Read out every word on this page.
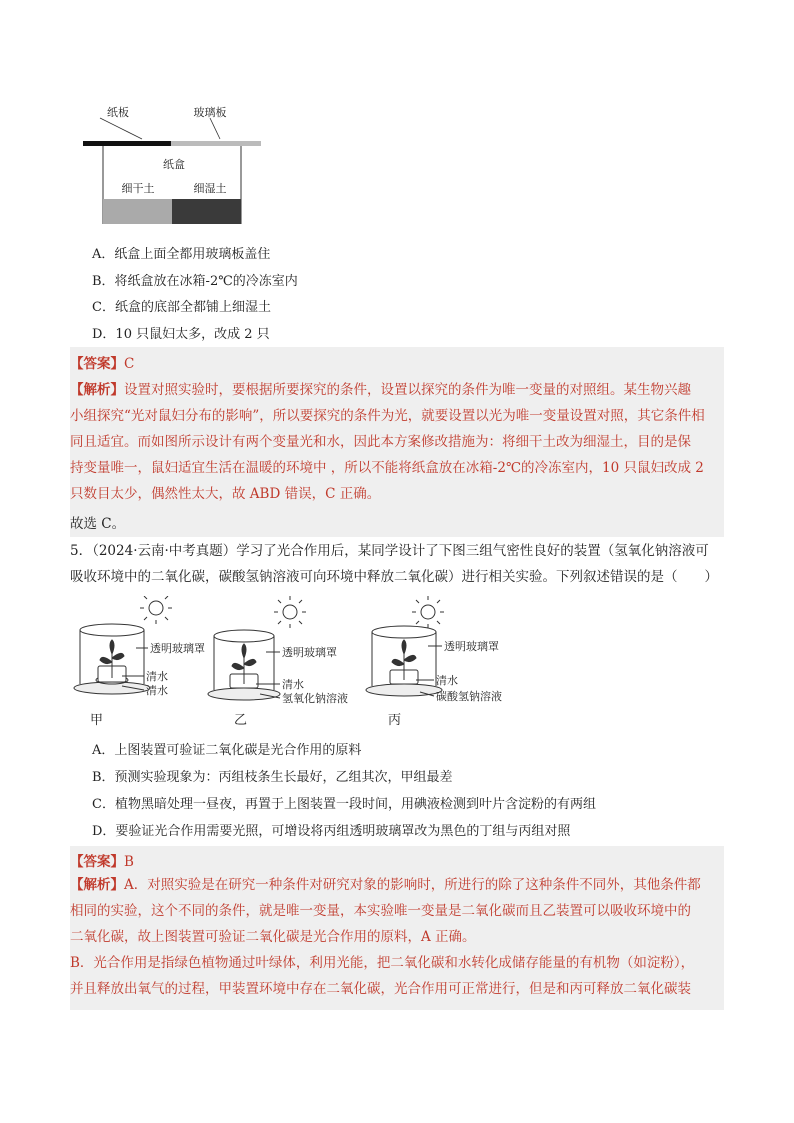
纸板	玻璃板
纸盒
细干土	细湿土
A．纸盒上面全都用玻璃板盖住
B．将纸盒放在冰箱-2℃的冷冻室内
C．纸盒的底部全都铺上细湿土
D．10 只鼠妇太多，改成 2 只
【答案】C
【解析】设置对照实验时，要根据所要探究的条件，设置以探究的条件为唯一变量的对照组。某生物兴趣
小组探究“光对鼠妇分布的影响”，所以要探究的条件为光，就要设置以光为唯一变量设置对照，其它条件相
同且适宜。而如图所示设计有两个变量光和水，因此本方案修改措施为：将细干土改为细湿土，目的是保
持变量唯一，鼠妇适宜生活在温暖的环境中 ，所以不能将纸盒放在冰箱-2℃的冷冻室内，10 只鼠妇改成 2
只数目太少，偶然性太大，故 ABD 错误，C 正确。
故选 C。
5．（2024·云南·中考真题）学习了光合作用后，某同学设计了下图三组气密性良好的装置（氢氧化钠溶液可
吸收环境中的二氧化碳，碳酸氢钠溶液可向环境中释放二氧化碳）进行相关实验。下列叙述错误的是（　　）
透明玻璃罩
清水
清水
甲
透明玻璃罩
清水
氢氧化钠溶液
乙
透明玻璃罩
清水
碳酸氢钠溶液
丙
A．上图装置可验证二氧化碳是光合作用的原料
B．预测实验现象为：丙组枝条生长最好，乙组其次，甲组最差
C．植物黑暗处理一昼夜，再置于上图装置一段时间，用碘液检测到叶片含淀粉的有两组
D．要验证光合作用需要光照，可增设将丙组透明玻璃罩改为黑色的丁组与丙组对照
【答案】B
【解析】A．对照实验是在研究一种条件对研究对象的影响时，所进行的除了这种条件不同外，其他条件都
相同的实验，这个不同的条件，就是唯一变量，本实验唯一变量是二氧化碳而且乙装置可以吸收环境中的
二氧化碳，故上图装置可验证二氧化碳是光合作用的原料，A 正确。
B．光合作用是指绿色植物通过叶绿体，利用光能，把二氧化碳和水转化成储存能量的有机物（如淀粉），
并且释放出氧气的过程，甲装置环境中存在二氧化碳，光合作用可正常进行，但是和丙可释放二氧化碳装
